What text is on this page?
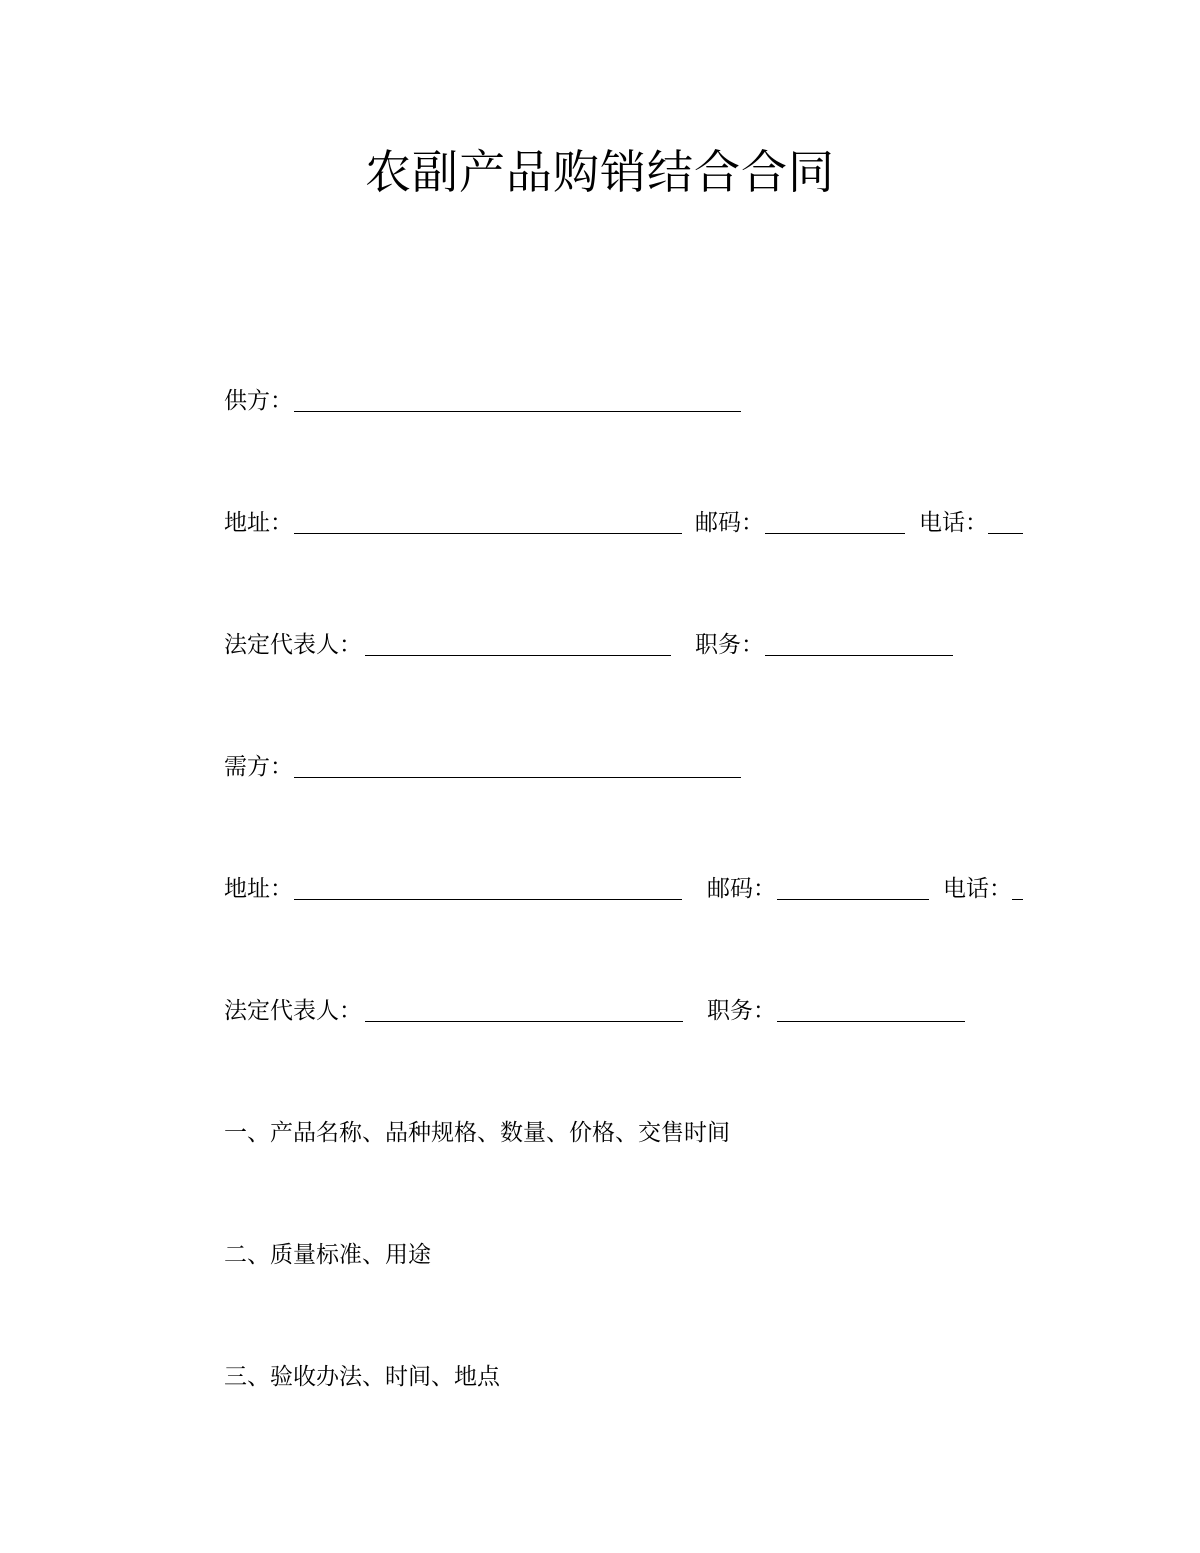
农副产品购销结合合同
供方：
地址：	邮码：	电话：
法定代表人：	职务：
需方：
地址：	邮码：	电话：
法定代表人：	职务：
一、产品名称、品种规格、数量、价格、交售时间
二、质量标准、用途
三、验收办法、时间、地点
